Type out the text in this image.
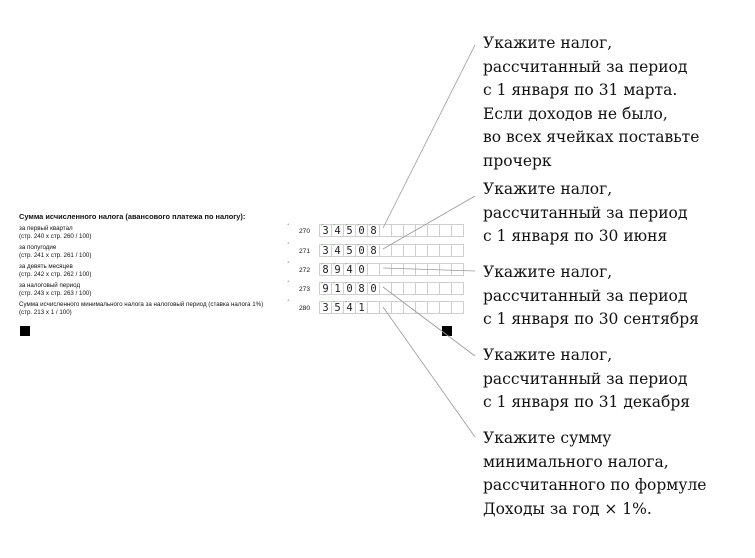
Сумма исчисленного налога (авансового платежа по налогу):
за первый квартал
(стр. 240 х стр. 260 / 100)
ˊ 270 ˊ
3 ˊ
4 ˊ
5 ˊ
0 ˊ
8
за полугодие
(стр. 241 х стр. 261 / 100)
ˊ
271 ˊ
3 ˊ
4 ˊ
5 ˊ
0 ˊ
8
за девять месяцев
(стр. 242 х стр. 262 / 100)
ˊ
272 ˊ
8 ˊ
9 ˊ
4 ˊ
0
за налоговый период
(стр. 243 х стр. 263 / 100)
ˊ
273 ˊ
9 ˊ
1 ˊ
0 ˊ
8 ˊ
0
Сумма исчисленного минимального налога за налоговый период (ставка налога 1%)
(стр. 213 х 1 / 100)
ˊ
280 ˊ
3 ˊ
5 ˊ
4 ˊ
1
Укажите налог,
рассчитанный за период
с 1 января по 31 марта.
Если доходов не было,
во всех ячейках поставьте
прочерк
Укажите налог,
рассчитанный за период
с 1 января по 30 июня
Укажите налог,
рассчитанный за период
с 1 января по 30 сентября
Укажите налог,
рассчитанный за период
с 1 января по 31 декабря
Укажите сумму
минимального налога,
рассчитанного по формуле
Доходы за год × 1%.
